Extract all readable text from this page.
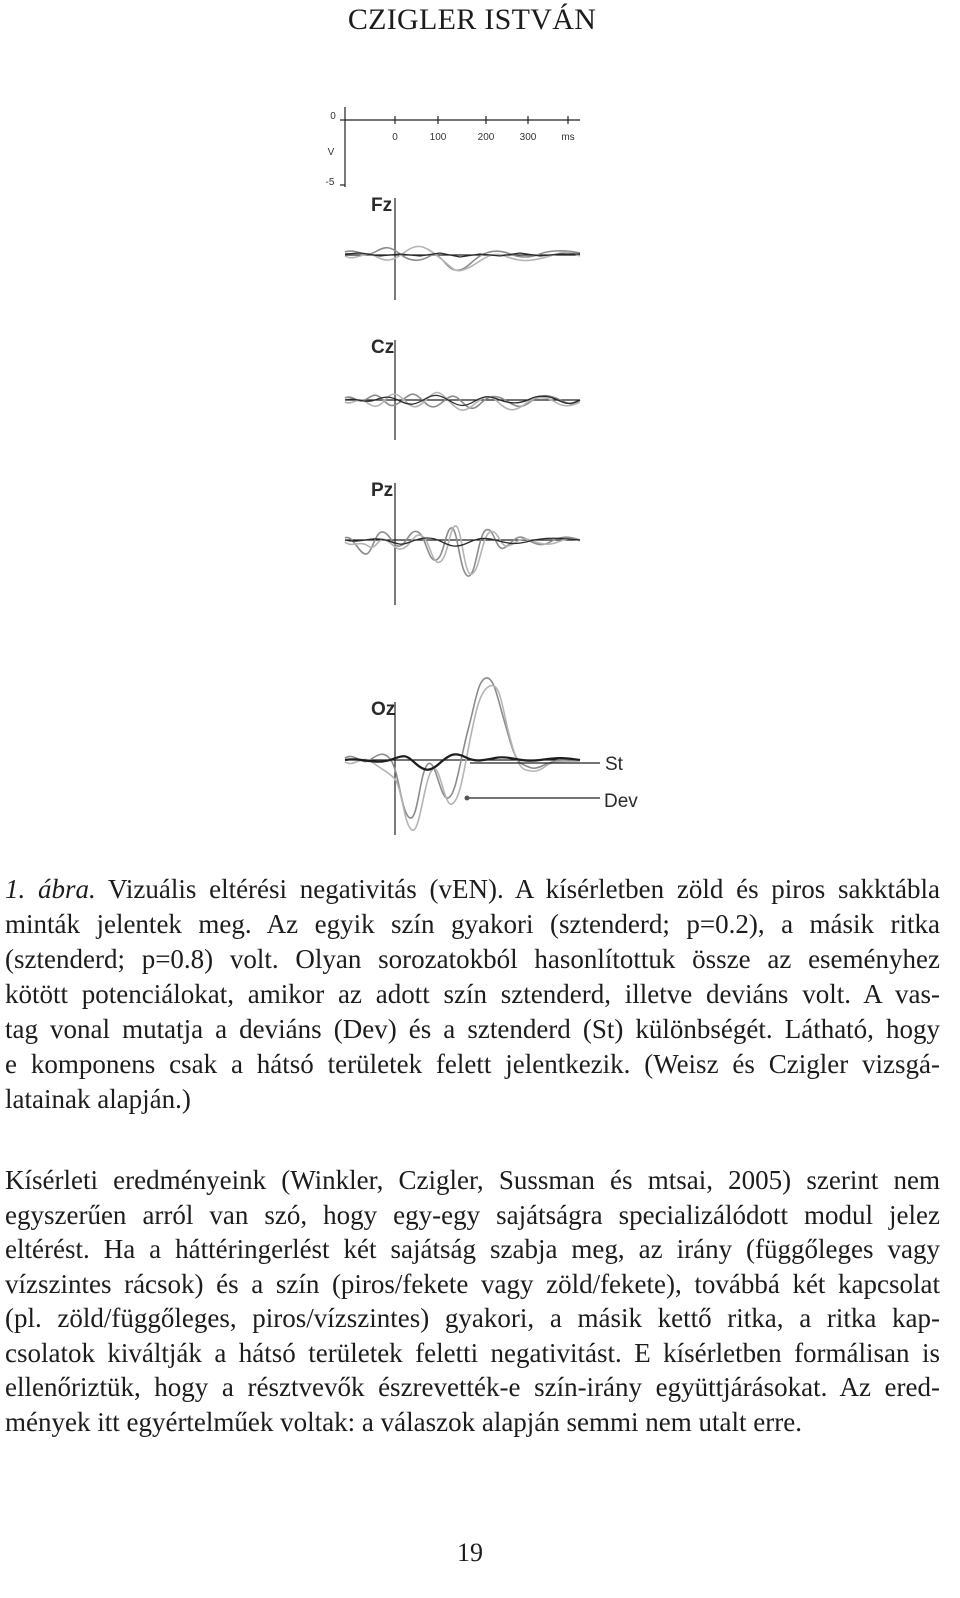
CZIGLER ISTVÁN
0
V
-5
0	100	200	300 ms
Fz
Cz
Pz
Oz
St
Dev
1. ábra. Vizuális eltérési negativitás (vEN). A kísérletben zöld és piros sakktábla
minták jelentek meg. Az egyik szín gyakori (sztenderd; p=0.2), a másik ritka
(sztenderd; p=0.8) volt. Olyan sorozatokból hasonlítottuk össze az eseményhez
kötött potenciálokat, amikor az adott szín sztenderd, illetve deviáns volt. A vas-
tag vonal mutatja a deviáns (Dev) és a sztenderd (St) különbségét. Látható, hogy
e komponens csak a hátsó területek felett jelentkezik. (Weisz és Czigler vizsgá-
latainak alapján.)
Kísérleti eredményeink (Winkler, Czigler, Sussman és mtsai, 2005) szerint nem
egyszerűen arról van szó, hogy egy-egy sajátságra specializálódott modul jelez
eltérést. Ha a háttéringerlést két sajátság szabja meg, az irány (függőleges vagy
vízszintes rácsok) és a szín (piros/fekete vagy zöld/fekete), továbbá két kapcsolat
(pl. zöld/függőleges, piros/vízszintes) gyakori, a másik kettő ritka, a ritka kap-
csolatok kiváltják a hátsó területek feletti negativitást. E kísérletben formálisan is
ellenőriztük, hogy a résztvevők észrevették-e szín-irány együttjárásokat. Az ered-
mények itt egyértelműek voltak: a válaszok alapján semmi nem utalt erre.
19
